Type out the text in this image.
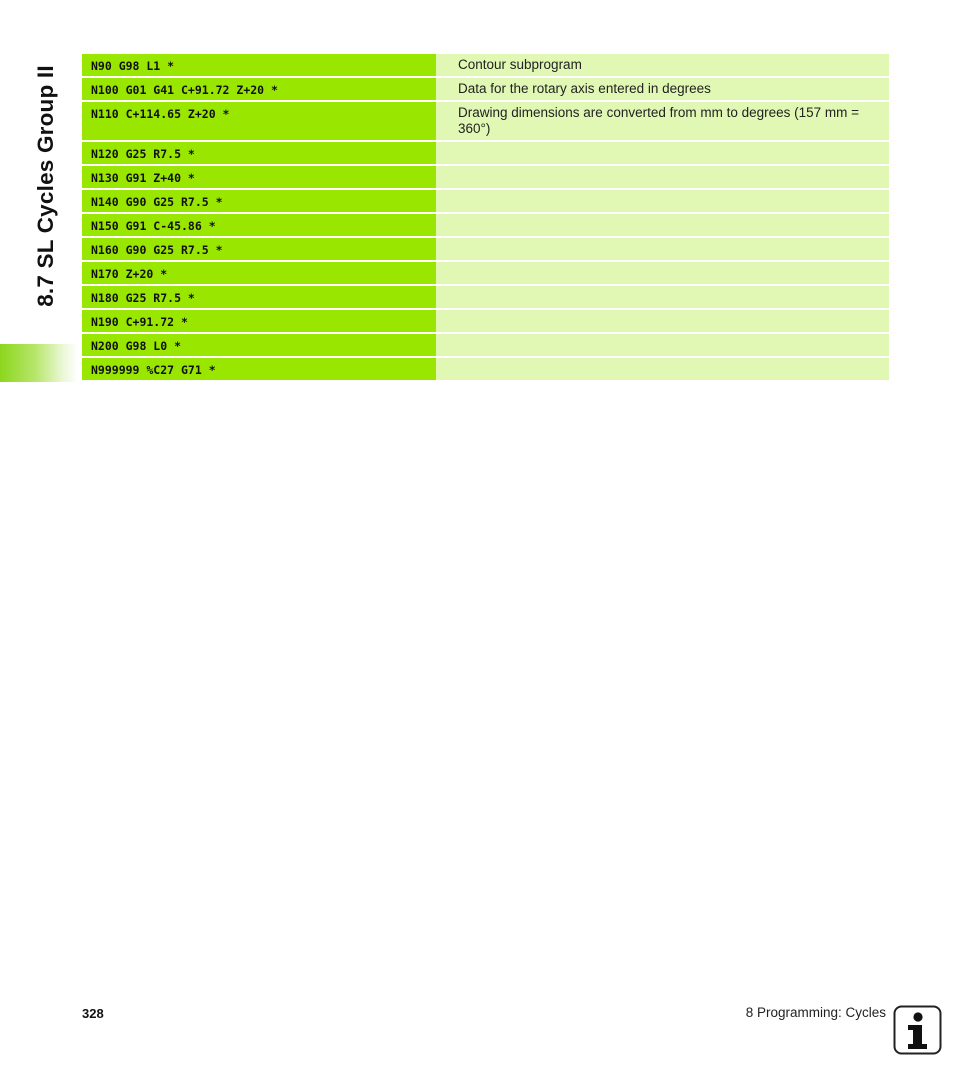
8.7 SL Cycles Group II	N90 G98 L1 *	Contour subprogram
N100 G01 G41 C+91.72 Z+20 *	Data for the rotary axis entered in degrees
N110 C+114.65 Z+20 *	Drawing dimensions are converted from mm to degrees (157 mm = 360°)
N120 G25 R7.5 *	
N130 G91 Z+40 *	
N140 G90 G25 R7.5 *	
N150 G91 C-45.86 *	
N160 G90 G25 R7.5 *	
N170 Z+20 *	
N180 G25 R7.5 *	
N190 C+91.72 *	
N200 G98 L0 *	
N999999 %C27 G71 *	
328	8 Programming: Cycles
